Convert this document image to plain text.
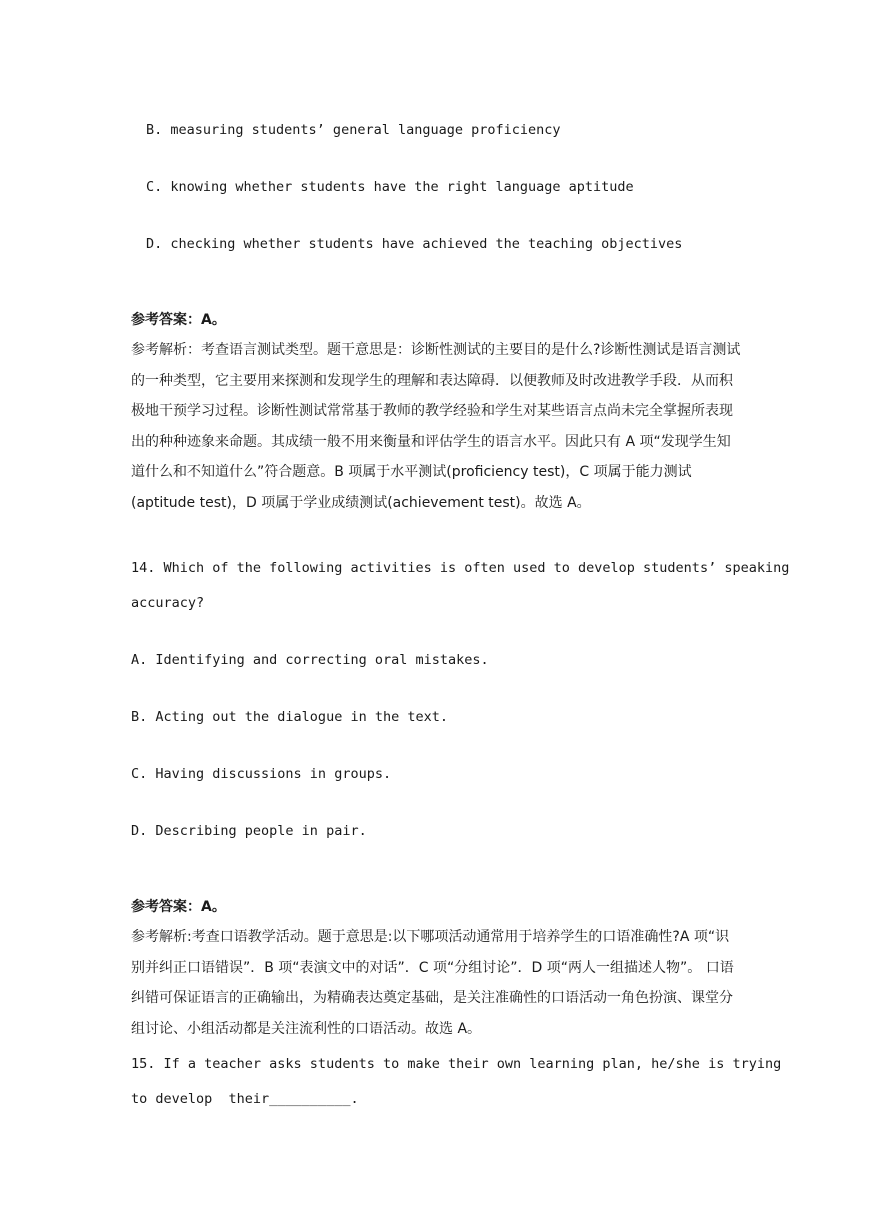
B. measuring students’ general language proficiency
C. knowing whether students have the right language aptitude
D. checking whether students have achieved the teaching objectives
参考答案：A。
参考解析：考查语言测试类型。题干意思是：诊断性测试的主要目的是什么?诊断性测试是语言测试的一种类型，它主要用来探测和发现学生的理解和表达障碍．以便教师及时改进教学手段．从而积极地干预学习过程。诊断性测试常常基于教师的教学经验和学生对某些语言点尚未完全掌握所表现出的种种迹象来命题。其成绩一般不用来衡量和评估学生的语言水平。因此只有 A 项“发现学生知道什么和不知道什么”符合题意。B 项属于水平测试(proficiency test)，C 项属于能力测试(aptitude test)，D 项属于学业成绩测试(achievement test)。故选 A。
14. Which of the following activities is often used to develop students’ speaking
accuracy?
A. Identifying and correcting oral mistakes.
B. Acting out the dialogue in the text.
C. Having discussions in groups.
D. Describing people in pair.
参考答案：A。
参考解析:考查口语教学活动。题于意思是:以下哪项活动通常用于培养学生的口语准确性?A 项“识别并纠正口语错误”．B 项“表演文中的对话”．C 项“分组讨论”．D 项“两人一组描述人物”。 口语纠错可保证语言的正确输出，为精确表达奠定基础，是关注准确性的口语活动一角色扮演、课堂分组讨论、小组活动都是关注流利性的口语活动。故选 A。
15. If a teacher asks students to make their own learning plan, he/she is trying
to develop  their__________.
